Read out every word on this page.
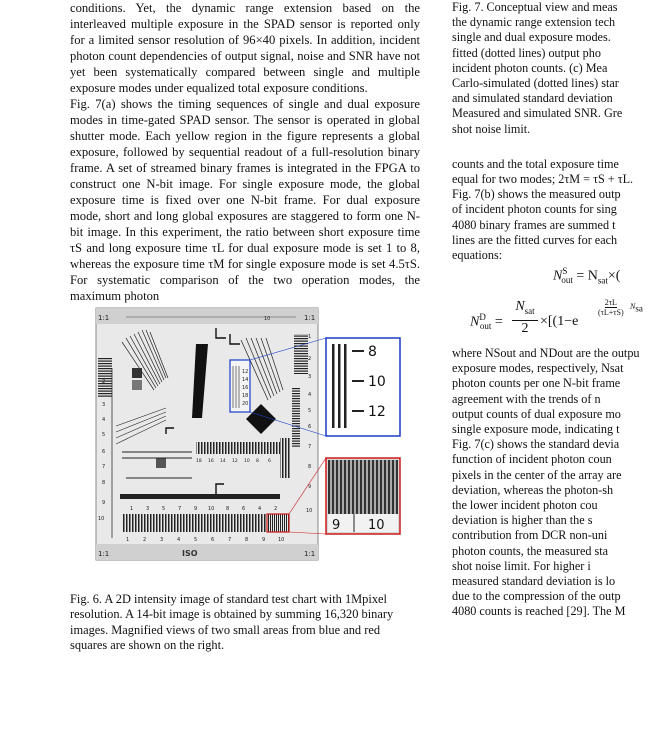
conditions. Yet, the dynamic range extension based on the interleaved multiple exposure in the SPAD sensor is reported only for a limited sensor resolution of 96×40 pixels. In addition, incident photon count dependencies of output signal, noise and SNR have not yet been systematically compared between single and multiple exposure modes under equalized total exposure conditions.

Fig. 7(a) shows the timing sequences of single and dual exposure modes in time-gated SPAD sensor. The sensor is operated in global shutter mode. Each yellow region in the figure represents a global exposure, followed by sequential readout of a full-resolution binary frame. A set of streamed binary frames is integrated in the FPGA to construct one N-bit image. For single exposure mode, the global exposure time is fixed over one N-bit frame. For dual exposure mode, short and long global exposures are staggered to form one N-bit image. In this experiment, the ratio between short exposure time τS and long exposure time τL for dual exposure mode is set 1 to 8, whereas the exposure time τM for single exposure mode is set 4.5τS. For systematic comparison of the two operation modes, the maximum photon

1:1	1:1
10
1:1	1:1
ISO
2
3
4
5
6
7
8
9
10
1
2
3
4
5
6
7
8
9
10
12
14
16
18
20
18 16 14 12 10 8 6
1	3	5	7	9 10 8	6	4	2
1	2	3	4	5	6	7	8	9	10
8
10
12
9 10
Fig. 6. A 2D intensity image of standard test chart with 1Mpixel resolution. A 14-bit image is obtained by summing 16,320 binary images. Magnified views of two small areas from blue and red squares are shown on the right.

Fig. 7. Conceptual view and meas

the dynamic range extension tech

single and dual exposure modes.

fitted (dotted lines) output pho

incident photon counts. (c) Mea

Carlo-simulated (dotted lines) star

and simulated standard deviation

Measured and simulated SNR. Gre

shot noise limit.

counts and the total exposure time

equal for two modes; 2τM = τS + τL.

Fig. 7(b) shows the measured outp

of incident photon counts for sing

4080 binary frames are summed t

lines are the fitted curves for each

equations:

$N^S_{out} = N_{sat}\times$(
$N^D_{out}$ =
$N_{sat}$
2 ×[(1−e
2τL
(τL+τS)
$N_{sa}$

where NSout and NDout are the outpu

exposure modes, respectively, Nsat

photon counts per one N-bit frame

agreement with the trends of n

output counts of dual exposure mo

single exposure mode, indicating t

Fig. 7(c) shows the standard devia

function of incident photon coun

pixels in the center of the array are

deviation, whereas the photon-sh

the lower incident photon cou

deviation is higher than the s

contribution from DCR non-uni

photon counts, the measured sta

shot noise limit. For higher i

measured standard deviation is lo

due to the compression of the outp

4080 counts is reached [29]. The M
